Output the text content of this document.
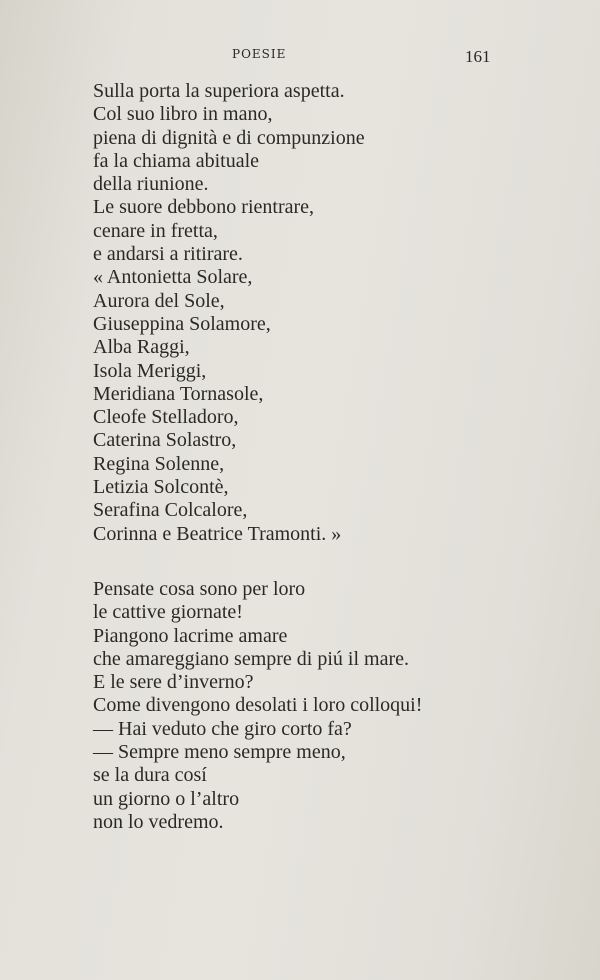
POESIE	161
Sulla porta la superiora aspetta.
Col suo libro in mano,
piena di dignità e di compunzione
fa la chiama abituale
della riunione.
Le suore debbono rientrare,
cenare in fretta,
e andarsi a ritirare.
« Antonietta Solare,
Aurora del Sole,
Giuseppina Solamore,
Alba Raggi,
Isola Meriggi,
Meridiana Tornasole,
Cleofe Stelladoro,
Caterina Solastro,
Regina Solenne,
Letizia Solcontè,
Serafina Colcalore,
Corinna e Beatrice Tramonti. »
Pensate cosa sono per loro
le cattive giornate!
Piangono lacrime amare
che amareggiano sempre di piú il mare.
E le sere d’inverno?
Come divengono desolati i loro colloqui!
— Hai veduto che giro corto fa?
— Sempre meno sempre meno,
se la dura cosí
un giorno o l’altro
non lo vedremo.
